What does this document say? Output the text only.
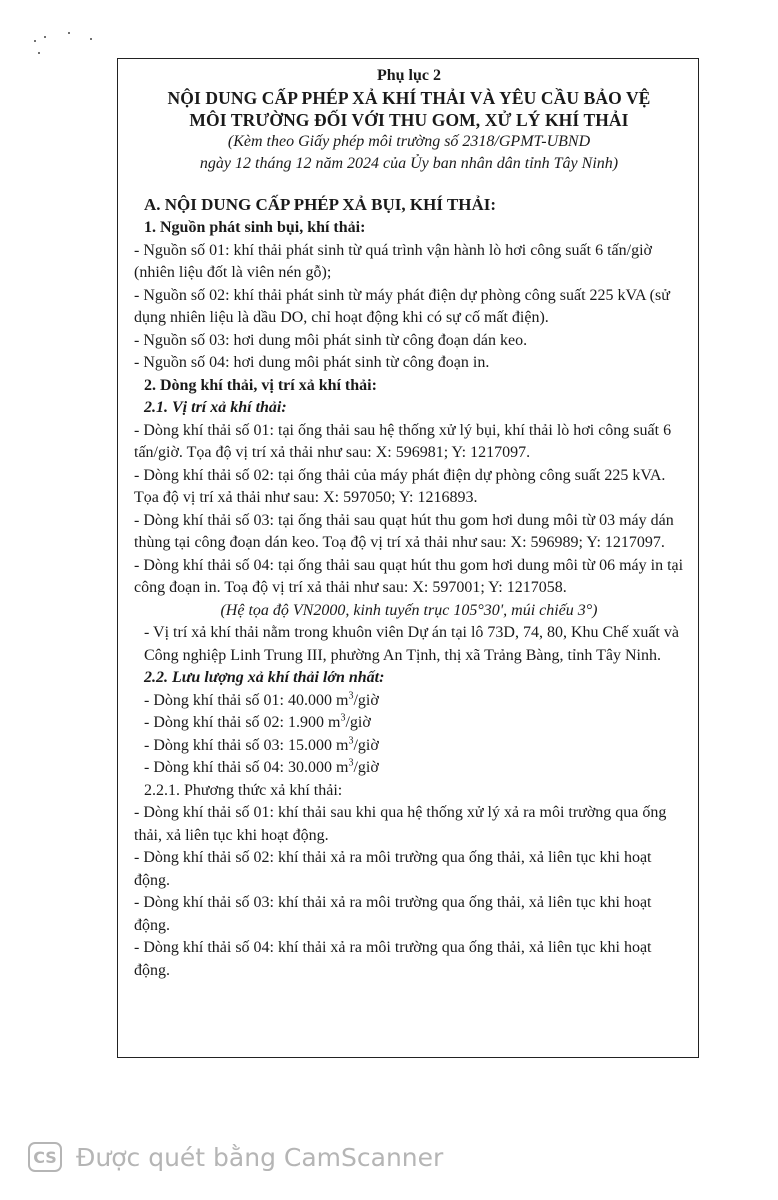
Phụ lục 2
NỘI DUNG CẤP PHÉP XẢ KHÍ THẢI VÀ YÊU CẦU BẢO VỆ
MÔI TRƯỜNG ĐỐI VỚI THU GOM, XỬ LÝ KHÍ THẢI
(Kèm theo Giấy phép môi trường số 2318/GPMT-UBND
ngày 12 tháng 12 năm 2024 của Ủy ban nhân dân tỉnh Tây Ninh)
A. NỘI DUNG CẤP PHÉP XẢ BỤI, KHÍ THẢI:
1. Nguồn phát sinh bụi, khí thải:
- Nguồn số 01: khí thải phát sinh từ quá trình vận hành lò hơi công suất 6 tấn/giờ (nhiên liệu đốt là viên nén gỗ);
- Nguồn số 02: khí thải phát sinh từ máy phát điện dự phòng công suất 225 kVA (sử dụng nhiên liệu là dầu DO, chỉ hoạt động khi có sự cố mất điện).
- Nguồn số 03: hơi dung môi phát sinh từ công đoạn dán keo.
- Nguồn số 04: hơi dung môi phát sinh từ công đoạn in.
2. Dòng khí thải, vị trí xả khí thải:
2.1. Vị trí xả khí thải:
- Dòng khí thải số 01: tại ống thải sau hệ thống xử lý bụi, khí thải lò hơi công suất 6 tấn/giờ. Tọa độ vị trí xả thải như sau: X: 596981; Y: 1217097.
- Dòng khí thải số 02: tại ống thải của máy phát điện dự phòng công suất 225 kVA. Tọa độ vị trí xả thải như sau: X: 597050; Y: 1216893.
- Dòng khí thải số 03: tại ống thải sau quạt hút thu gom hơi dung môi từ 03 máy dán thùng tại công đoạn dán keo. Toạ độ vị trí xả thải như sau: X: 596989; Y: 1217097.
- Dòng khí thải số 04: tại ống thải sau quạt hút thu gom hơi dung môi từ 06 máy in tại công đoạn in. Toạ độ vị trí xả thải như sau: X: 597001; Y: 1217058.
(Hệ tọa độ VN2000, kinh tuyến trục 105°30', múi chiếu 3°)
- Vị trí xả khí thải nằm trong khuôn viên Dự án tại lô 73D, 74, 80, Khu Chế xuất và Công nghiệp Linh Trung III, phường An Tịnh, thị xã Trảng Bàng, tỉnh Tây Ninh.
2.2. Lưu lượng xả khí thải lớn nhất:
- Dòng khí thải số 01: 40.000 $m^3$/giờ
- Dòng khí thải số 02: 1.900 $m^3$/giờ
- Dòng khí thải số 03: 15.000 $m^3$/giờ
- Dòng khí thải số 04: 30.000 $m^3$/giờ
2.2.1. Phương thức xả khí thải:
- Dòng khí thải số 01: khí thải sau khi qua hệ thống xử lý xả ra môi trường qua ống thải, xả liên tục khi hoạt động.
- Dòng khí thải số 02: khí thải xả ra môi trường qua ống thải, xả liên tục khi hoạt động.
- Dòng khí thải số 03: khí thải xả ra môi trường qua ống thải, xả liên tục khi hoạt động.
- Dòng khí thải số 04: khí thải xả ra môi trường qua ống thải, xả liên tục khi hoạt động.
CS Được quét bằng CamScanner
